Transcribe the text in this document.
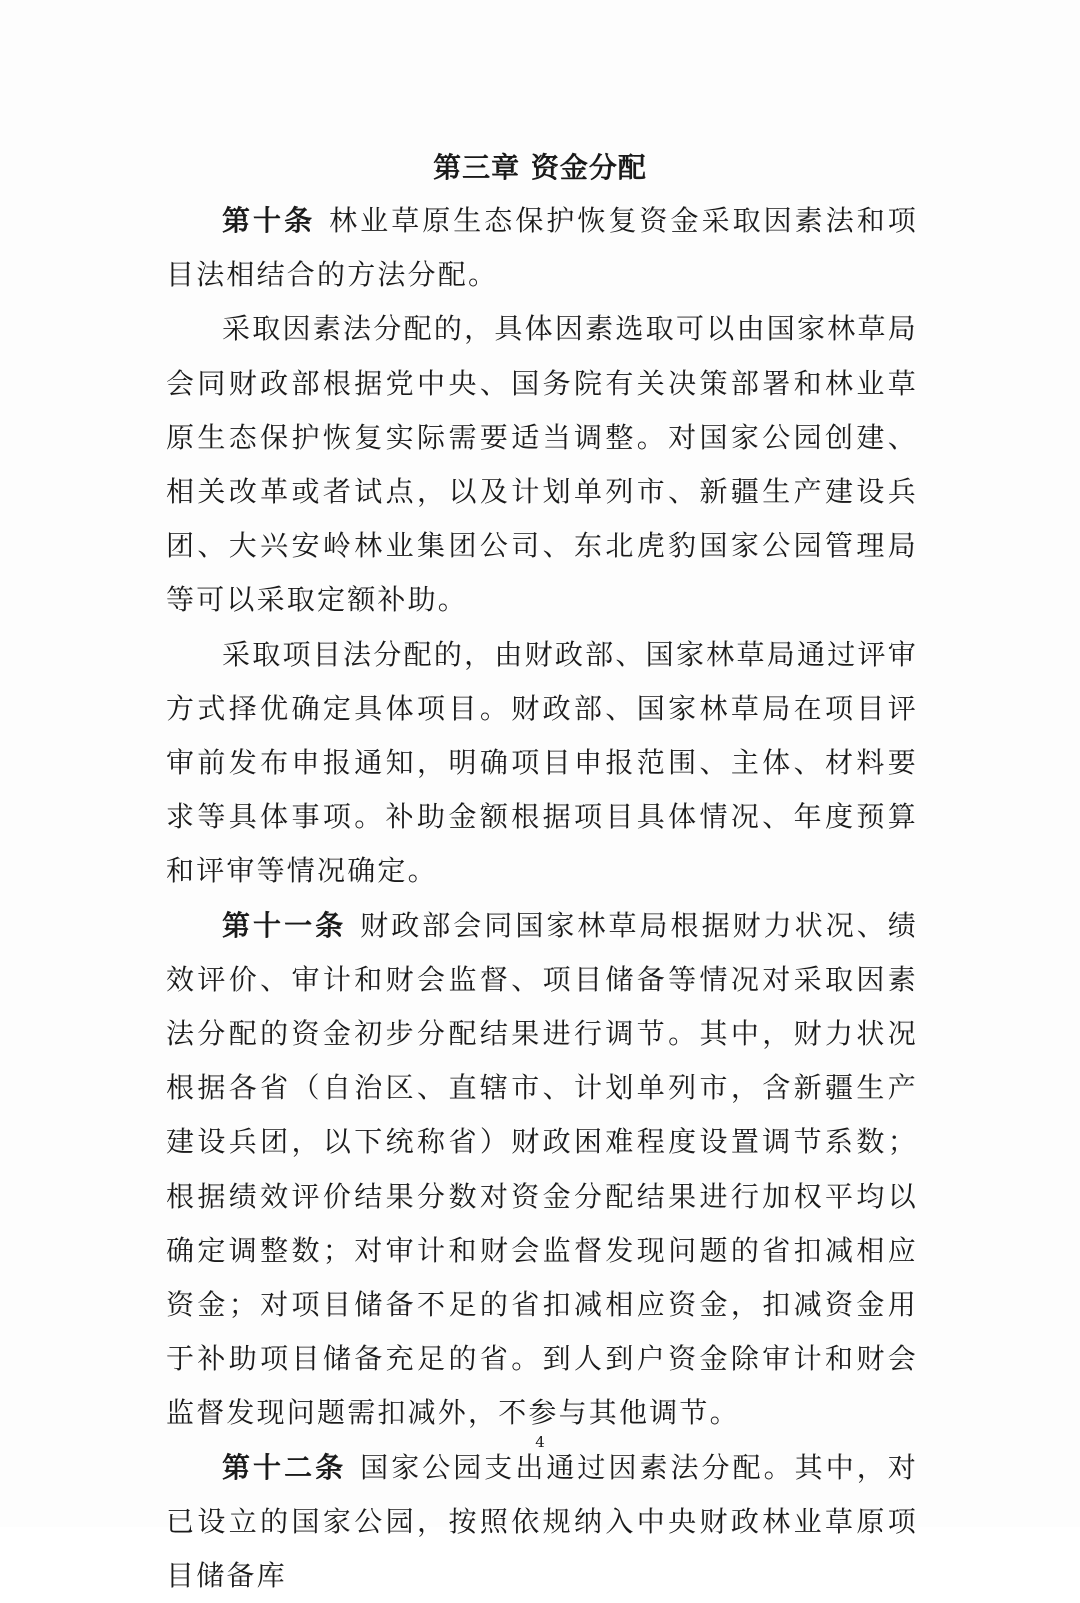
第三章 资金分配

第十条 林业草原生态保护恢复资金采取因素法和项目法相结合的方法分配。

采取因素法分配的，具体因素选取可以由国家林草局会同财政部根据党中央、国务院有关决策部署和林业草原生态保护恢复实际需要适当调整。对国家公园创建、相关改革或者试点，以及计划单列市、新疆生产建设兵团、大兴安岭林业集团公司、东北虎豹国家公园管理局等可以采取定额补助。

采取项目法分配的，由财政部、国家林草局通过评审方式择优确定具体项目。财政部、国家林草局在项目评审前发布申报通知，明确项目申报范围、主体、材料要求等具体事项。补助金额根据项目具体情况、年度预算和评审等情况确定。

第十一条 财政部会同国家林草局根据财力状况、绩效评价、审计和财会监督、项目储备等情况对采取因素法分配的资金初步分配结果进行调节。其中，财力状况根据各省（自治区、直辖市、计划单列市，含新疆生产建设兵团，以下统称省）财政困难程度设置调节系数；根据绩效评价结果分数对资金分配结果进行加权平均以确定调整数；对审计和财会监督发现问题的省扣减相应资金；对项目储备不足的省扣减相应资金，扣减资金用于补助项目储备充足的省。到人到户资金除审计和财会监督发现问题需扣减外，不参与其他调节。

第十二条 国家公园支出通过因素法分配。其中，对已设立的国家公园，按照依规纳入中央财政林业草原项目储备库

4
